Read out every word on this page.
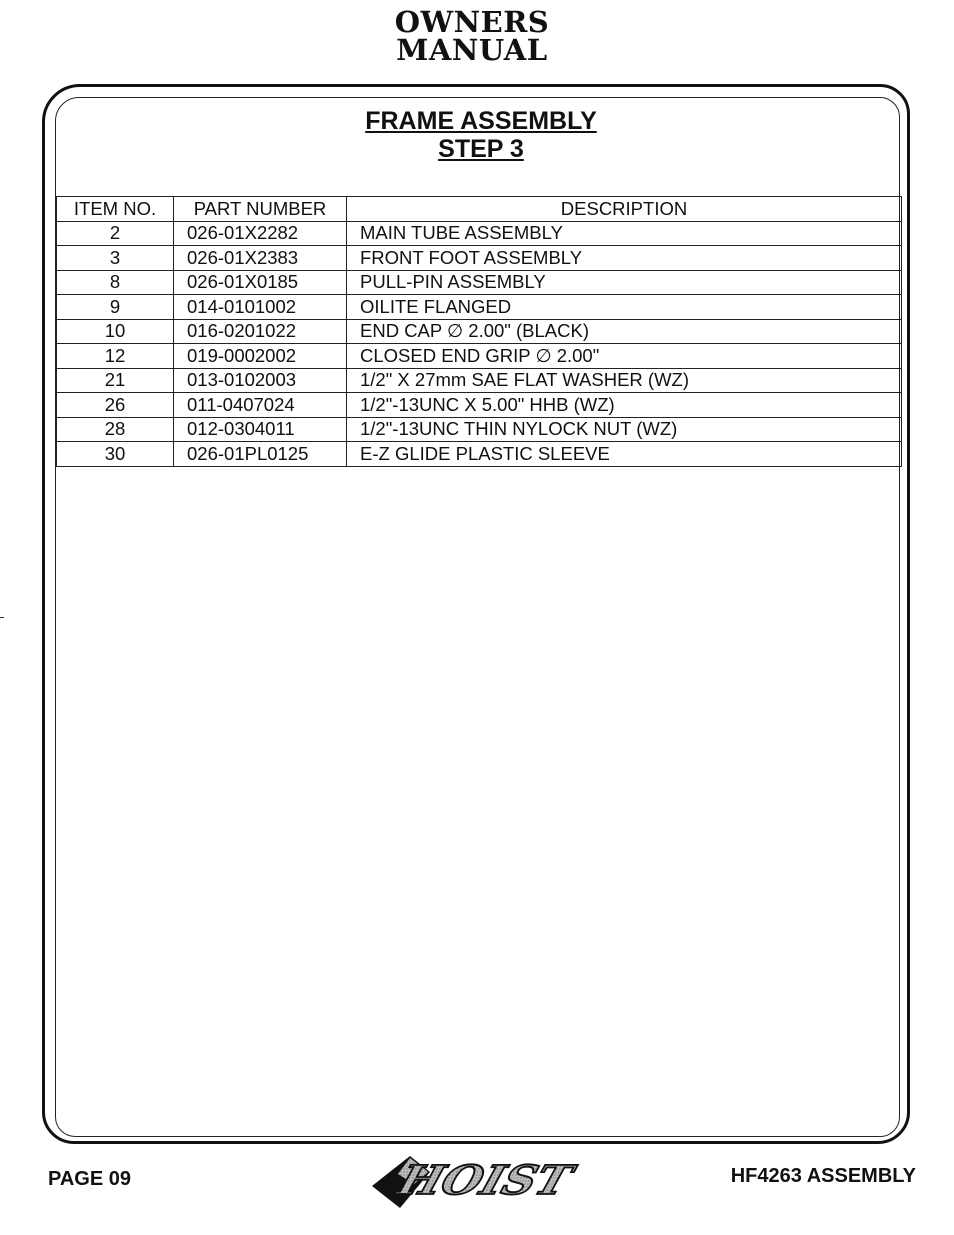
OWNERS
MANUAL
FRAME ASSEMBLY
STEP 3
ITEM NO.	PART NUMBER	DESCRIPTION
2	026-01X2282	MAIN TUBE ASSEMBLY
3	026-01X2383	FRONT FOOT ASSEMBLY
8	026-01X0185	PULL-PIN ASSEMBLY
9	014-0101002	OILITE FLANGED
10	016-0201022	END CAP ∅ 2.00" (BLACK)
12	019-0002002	CLOSED END GRIP ∅ 2.00"
21	013-0102003	1/2" X 27mm SAE FLAT WASHER (WZ)
26	011-0407024	1/2"-13UNC X 5.00" HHB (WZ)
28	012-0304011	1/2"-13UNC THIN NYLOCK NUT (WZ)
30	026-01PL0125	E-Z GLIDE PLASTIC SLEEVE
PAGE 09	HOIST	HF4263 ASSEMBLY
